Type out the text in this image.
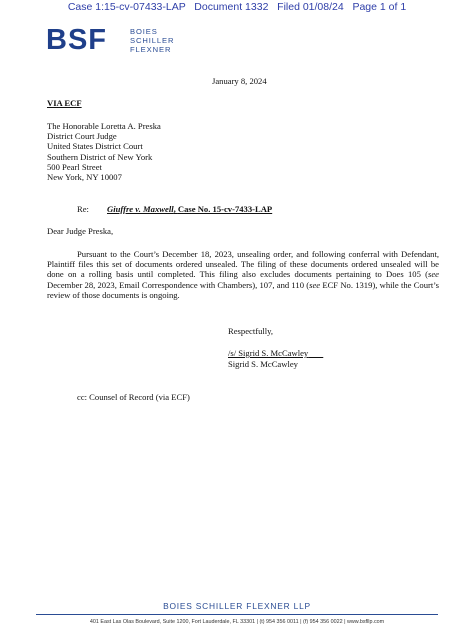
Case 1:15-cv-07433-LAP   Document 1332   Filed 01/08/24   Page 1 of 1
BSF	BOIES
SCHILLER
FLEXNER
January 8, 2024
VIA ECF
The Honorable Loretta A. Preska
District Court Judge
United States District Court
Southern District of New York
500 Pearl Street
New York, NY 10007
Re: Giuffre v. Maxwell, Case No. 15-cv-7433-LAP
Dear Judge Preska,
Pursuant to the Court’s December 18, 2023, unsealing order, and following conferral with Defendant, Plaintiff files this set of documents ordered unsealed. The filing of these documents ordered unsealed will be done on a rolling basis until completed. This filing also excludes documents pertaining to Does 105 (see December 28, 2023, Email Correspondence with Chambers), 107, and 110 (see ECF No. 1319), while the Court’s review of those documents is ongoing.
Respectfully,
/s/ Sigrid S. McCawley
Sigrid S. McCawley
cc: Counsel of Record (via ECF)
BOIES SCHILLER FLEXNER LLP
401 East Las Olas Boulevard, Suite 1200, Fort Lauderdale, FL 33301 | (t) 954 356 0011 | (f) 954 356 0022 | www.bsfllp.com
